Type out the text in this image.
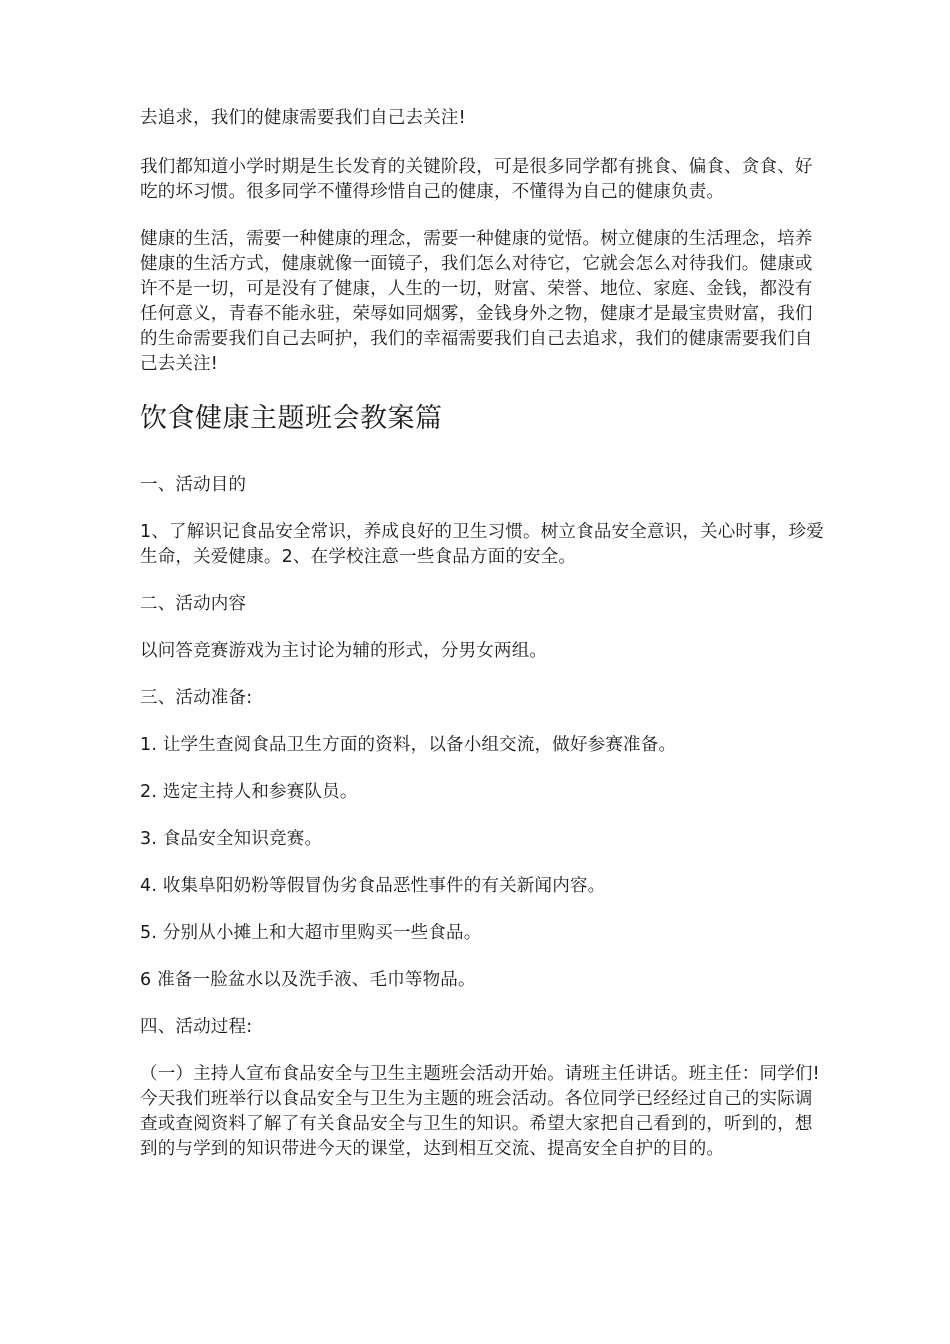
去追求，我们的健康需要我们自己去关注!

我们都知道小学时期是生长发育的关键阶段，可是很多同学都有挑食、偏食、贪食、好吃的坏习惯。很多同学不懂得珍惜自己的健康，不懂得为自己的健康负责。

健康的生活，需要一种健康的理念，需要一种健康的觉悟。树立健康的生活理念，培养健康的生活方式，健康就像一面镜子，我们怎么对待它，它就会怎么对待我们。健康或许不是一切，可是没有了健康，人生的一切，财富、荣誉、地位、家庭、金钱，都没有任何意义，青春不能永驻，荣辱如同烟雾，金钱身外之物，健康才是最宝贵财富，我们的生命需要我们自己去呵护，我们的幸福需要我们自己去追求，我们的健康需要我们自己去关注!

饮食健康主题班会教案篇

一、活动目的

1、了解识记食品安全常识，养成良好的卫生习惯。树立食品安全意识，关心时事，珍爱生命，关爱健康。2、在学校注意一些食品方面的安全。

二、活动内容

以问答竞赛游戏为主讨论为辅的形式，分男女两组。

三、活动准备:

1. 让学生查阅食品卫生方面的资料，以备小组交流，做好参赛准备。

2. 选定主持人和参赛队员。

3. 食品安全知识竞赛。

4. 收集阜阳奶粉等假冒伪劣食品恶性事件的有关新闻内容。

5. 分别从小摊上和大超市里购买一些食品。

6 准备一脸盆水以及洗手液、毛巾等物品。

四、活动过程:

（一）主持人宣布食品安全与卫生主题班会活动开始。请班主任讲话。班主任：同学们!今天我们班举行以食品安全与卫生为主题的班会活动。各位同学已经经过自己的实际调查或查阅资料了解了有关食品安全与卫生的知识。希望大家把自己看到的，听到的，想到的与学到的知识带进今天的课堂，达到相互交流、提高安全自护的目的。
